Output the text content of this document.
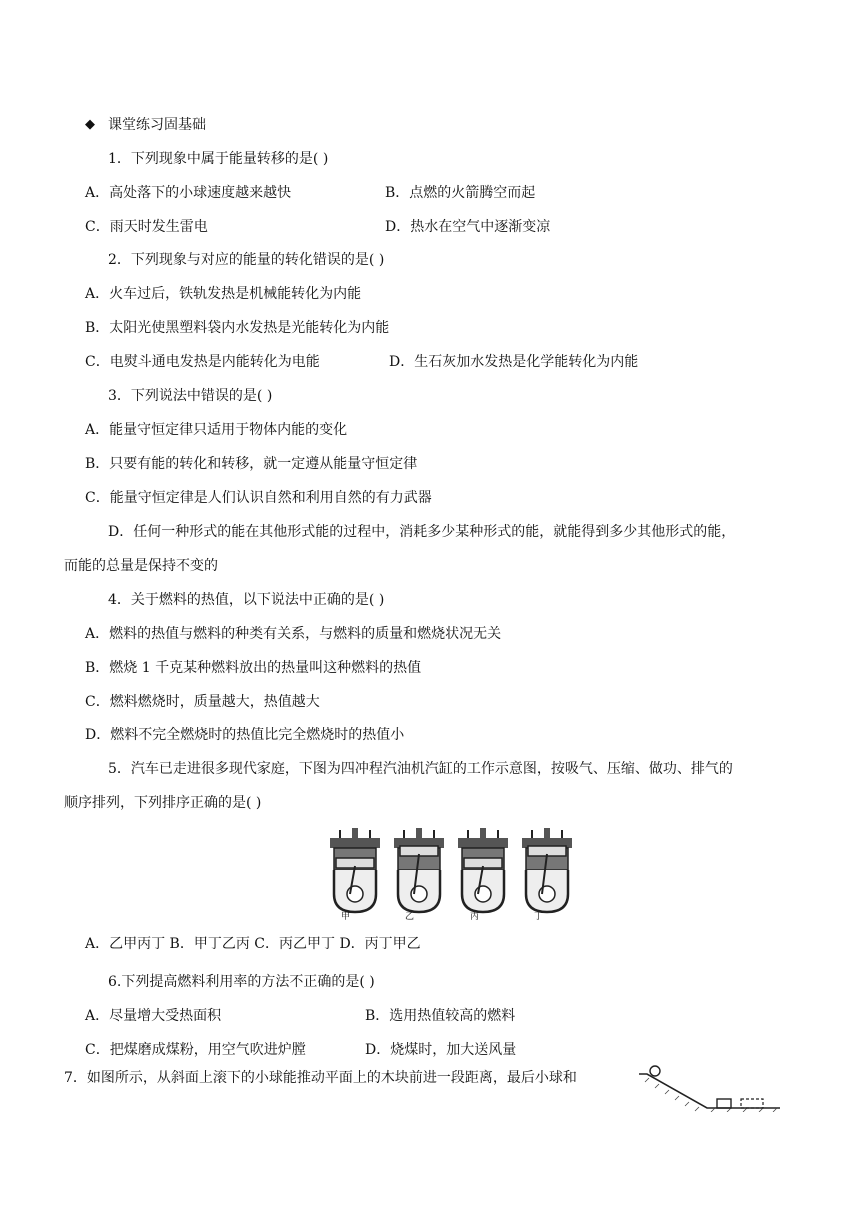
◆ 课堂练习固基础
1．下列现象中属于能量转移的是( )
A．高处落下的小球速度越来越快	B．点燃的火箭腾空而起
C．雨天时发生雷电	D．热水在空气中逐渐变凉
2．下列现象与对应的能量的转化错误的是( )
A．火车过后，铁轨发热是机械能转化为内能
B．太阳光使黑塑料袋内水发热是光能转化为内能
C．电熨斗通电发热是内能转化为电能	D．生石灰加水发热是化学能转化为内能
3．下列说法中错误的是( )
A．能量守恒定律只适用于物体内能的变化
B．只要有能的转化和转移，就一定遵从能量守恒定律
C．能量守恒定律是人们认识自然和利用自然的有力武器
D．任何一种形式的能在其他形式能的过程中，消耗多少某种形式的能，就能得到多少其他形式的能，
而能的总量是保持不变的
4．关于燃料的热值，以下说法中正确的是( )
A．燃料的热值与燃料的种类有关系，与燃料的质量和燃烧状况无关
B．燃烧 1 千克某种燃料放出的热量叫这种燃料的热值
C．燃料燃烧时，质量越大，热值越大
D．燃料不完全燃烧时的热值比完全燃烧时的热值小
5．汽车已走进很多现代家庭，下图为四冲程汽油机汽缸的工作示意图，按吸气、压缩、做功、排气的
顺序排列，下列排序正确的是( )
甲	乙	丙	丁
A．乙甲丙丁 B．甲丁乙丙 C．丙乙甲丁 D．丙丁甲乙
6.下列提高燃料利用率的方法不正确的是( )
A．尽量增大受热面积	B．选用热值较高的燃料
C．把煤磨成煤粉，用空气吹进炉膛	D．烧煤时，加大送风量
7．如图所示，从斜面上滚下的小球能推动平面上的木块前进一段距离，最后小球和
